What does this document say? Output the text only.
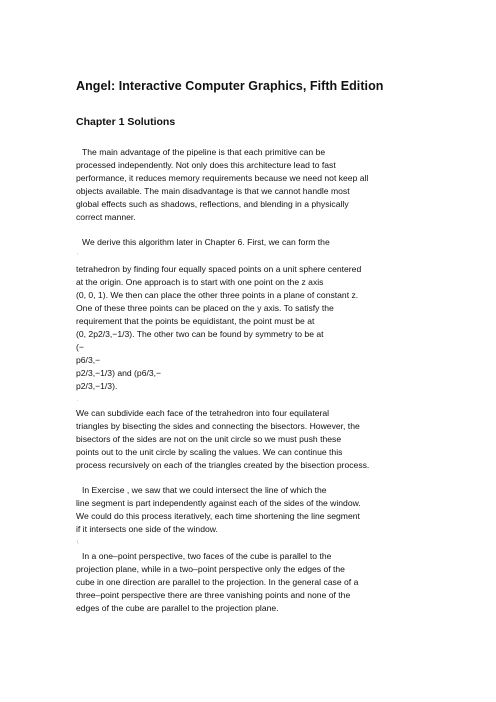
Angel: Interactive Computer Graphics, Fifth Edition
Chapter 1 Solutions
The main advantage of the pipeline is that each primitive can be
processed independently. Not only does this architecture lead to fast
performance, it reduces memory requirements because we need not keep all
objects available. The main disadvantage is that we cannot handle most
global effects such as shadows, reflections, and blending in a physically
correct manner.
We derive this algorithm later in Chapter 6. First, we can form the
'
tetrahedron by finding four equally spaced points on a unit sphere centered
at the origin. One approach is to start with one point on the z axis
(0, 0, 1). We then can place the other three points in a plane of constant z.
One of these three points can be placed on the y axis. To satisfy the
requirement that the points be equidistant, the point must be at
(0, 2p2/3,−1/3). The other two can be found by symmetry to be at
(−
p6/3,−
p2/3,−1/3) and (p6/3,−
p2/3,−1/3).
.
We can subdivide each face of the tetrahedron into four equilateral
triangles by bisecting the sides and connecting the bisectors. However, the
bisectors of the sides are not on the unit circle so we must push these
points out to the unit circle by scaling the values. We can continue this
process recursively on each of the triangles created by the bisection process.
In Exercise , we saw that we could intersect the line of which the
line segment is part independently against each of the sides of the window.
We could do this process iteratively, each time shortening the line segment
if it intersects one side of the window.
\
In a one–point perspective, two faces of the cube is parallel to the
projection plane, while in a two–point perspective only the edges of the
cube in one direction are parallel to the projection. In the general case of a
three–point perspective there are three vanishing points and none of the
edges of the cube are parallel to the projection plane.
